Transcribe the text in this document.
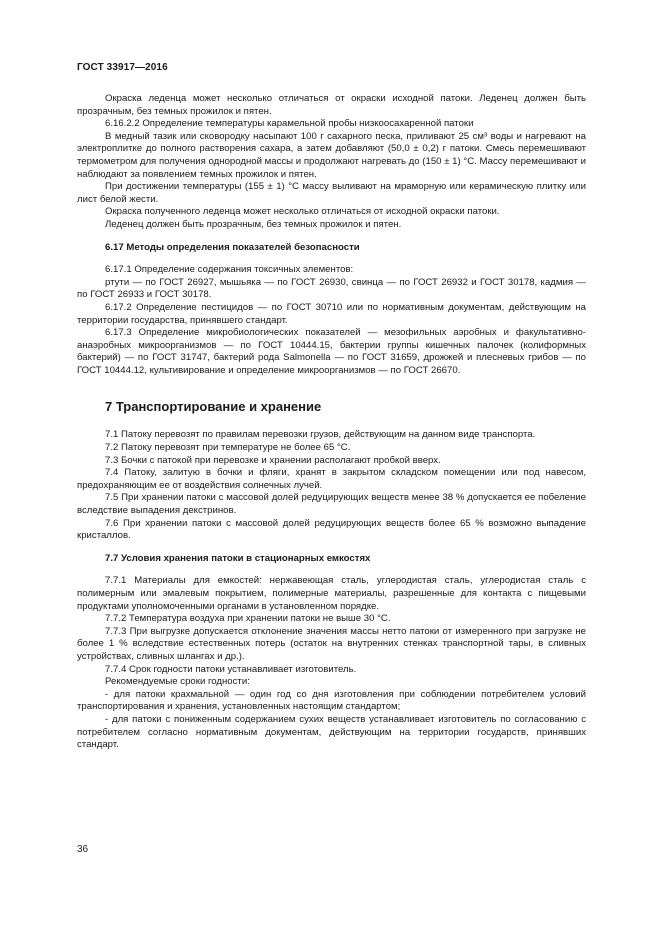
ГОСТ 33917—2016

Окраска леденца может несколько отличаться от окраски исходной патоки. Леденец должен быть прозрачным, без темных прожилок и пятен.

6.16.2.2 Определение температуры карамельной пробы низкоосахаренной патоки

В медный тазик или сковородку насыпают 100 г сахарного песка, приливают 25 см³ воды и нагревают на электроплитке до полного растворения сахара, а затем добавляют (50,0 ± 0,2) г патоки. Смесь перемешивают термометром для получения однородной массы и продолжают нагревать до (150 ± 1) °С. Массу перемешивают и наблюдают за появлением темных прожилок и пятен.

При достижении температуры (155 ± 1) °С массу выливают на мраморную или керамическую плитку или лист белой жести.

Окраска полученного леденца может несколько отличаться от исходной окраски патоки.

Леденец должен быть прозрачным, без темных прожилок и пятен.

6.17 Методы определения показателей безопасности

6.17.1 Определение содержания токсичных элементов:

ртути — по ГОСТ 26927, мышьяка — по ГОСТ 26930, свинца — по ГОСТ 26932 и ГОСТ 30178, кадмия — по ГОСТ 26933 и ГОСТ 30178.

6.17.2 Определение пестицидов — по ГОСТ 30710 или по нормативным документам, действующим на территории государства, принявшего стандарт.

6.17.3 Определение микробиологических показателей — мезофильных аэробных и факультативно-анаэробных микроорганизмов — по ГОСТ 10444.15, бактерии группы кишечных палочек (колиформных бактерий) — по ГОСТ 31747, бактерий рода Salmonella — по ГОСТ 31659, дрожжей и плесневых грибов — по ГОСТ 10444.12, культивирование и определение микроорганизмов — по ГОСТ 26670.

7 Транспортирование и хранение

7.1 Патоку перевозят по правилам перевозки грузов, действующим на данном виде транспорта.

7.2 Патоку перевозят при температуре не более 65 °С.

7.3 Бочки с патокой при перевозке и хранении располагают пробкой вверх.

7.4 Патоку, залитую в бочки и фляги, хранят в закрытом складском помещении или под навесом, предохраняющим ее от воздействия солнечных лучей.

7.5 При хранении патоки с массовой долей редуцирующих веществ менее 38 % допускается ее побеление вследствие выпадения декстринов.

7.6 При хранении патоки с массовой долей редуцирующих веществ более 65 % возможно выпадение кристаллов.

7.7 Условия хранения патоки в стационарных емкостях

7.7.1 Материалы для емкостей: нержавеющая сталь, углеродистая сталь, углеродистая сталь с полимерным или эмалевым покрытием, полимерные материалы, разрешенные для контакта с пищевыми продуктами уполномоченными органами в установленном порядке.

7.7.2 Температура воздуха при хранении патоки не выше 30 °С.

7.7.3 При выгрузке допускается отклонение значения массы нетто патоки от измеренного при загрузке не более 1 % вследствие естественных потерь (остаток на внутренних стенках транспортной тары, в сливных устройствах, сливных шлангах и др.).

7.7.4 Срок годности патоки устанавливает изготовитель.

Рекомендуемые сроки годности:

- для патоки крахмальной — один год со дня изготовления при соблюдении потребителем условий транспортирования и хранения, установленных настоящим стандартом;

- для патоки с пониженным содержанием сухих веществ устанавливает изготовитель по согласованию с потребителем согласно нормативным документам, действующим на территории государств, принявших стандарт.

36
